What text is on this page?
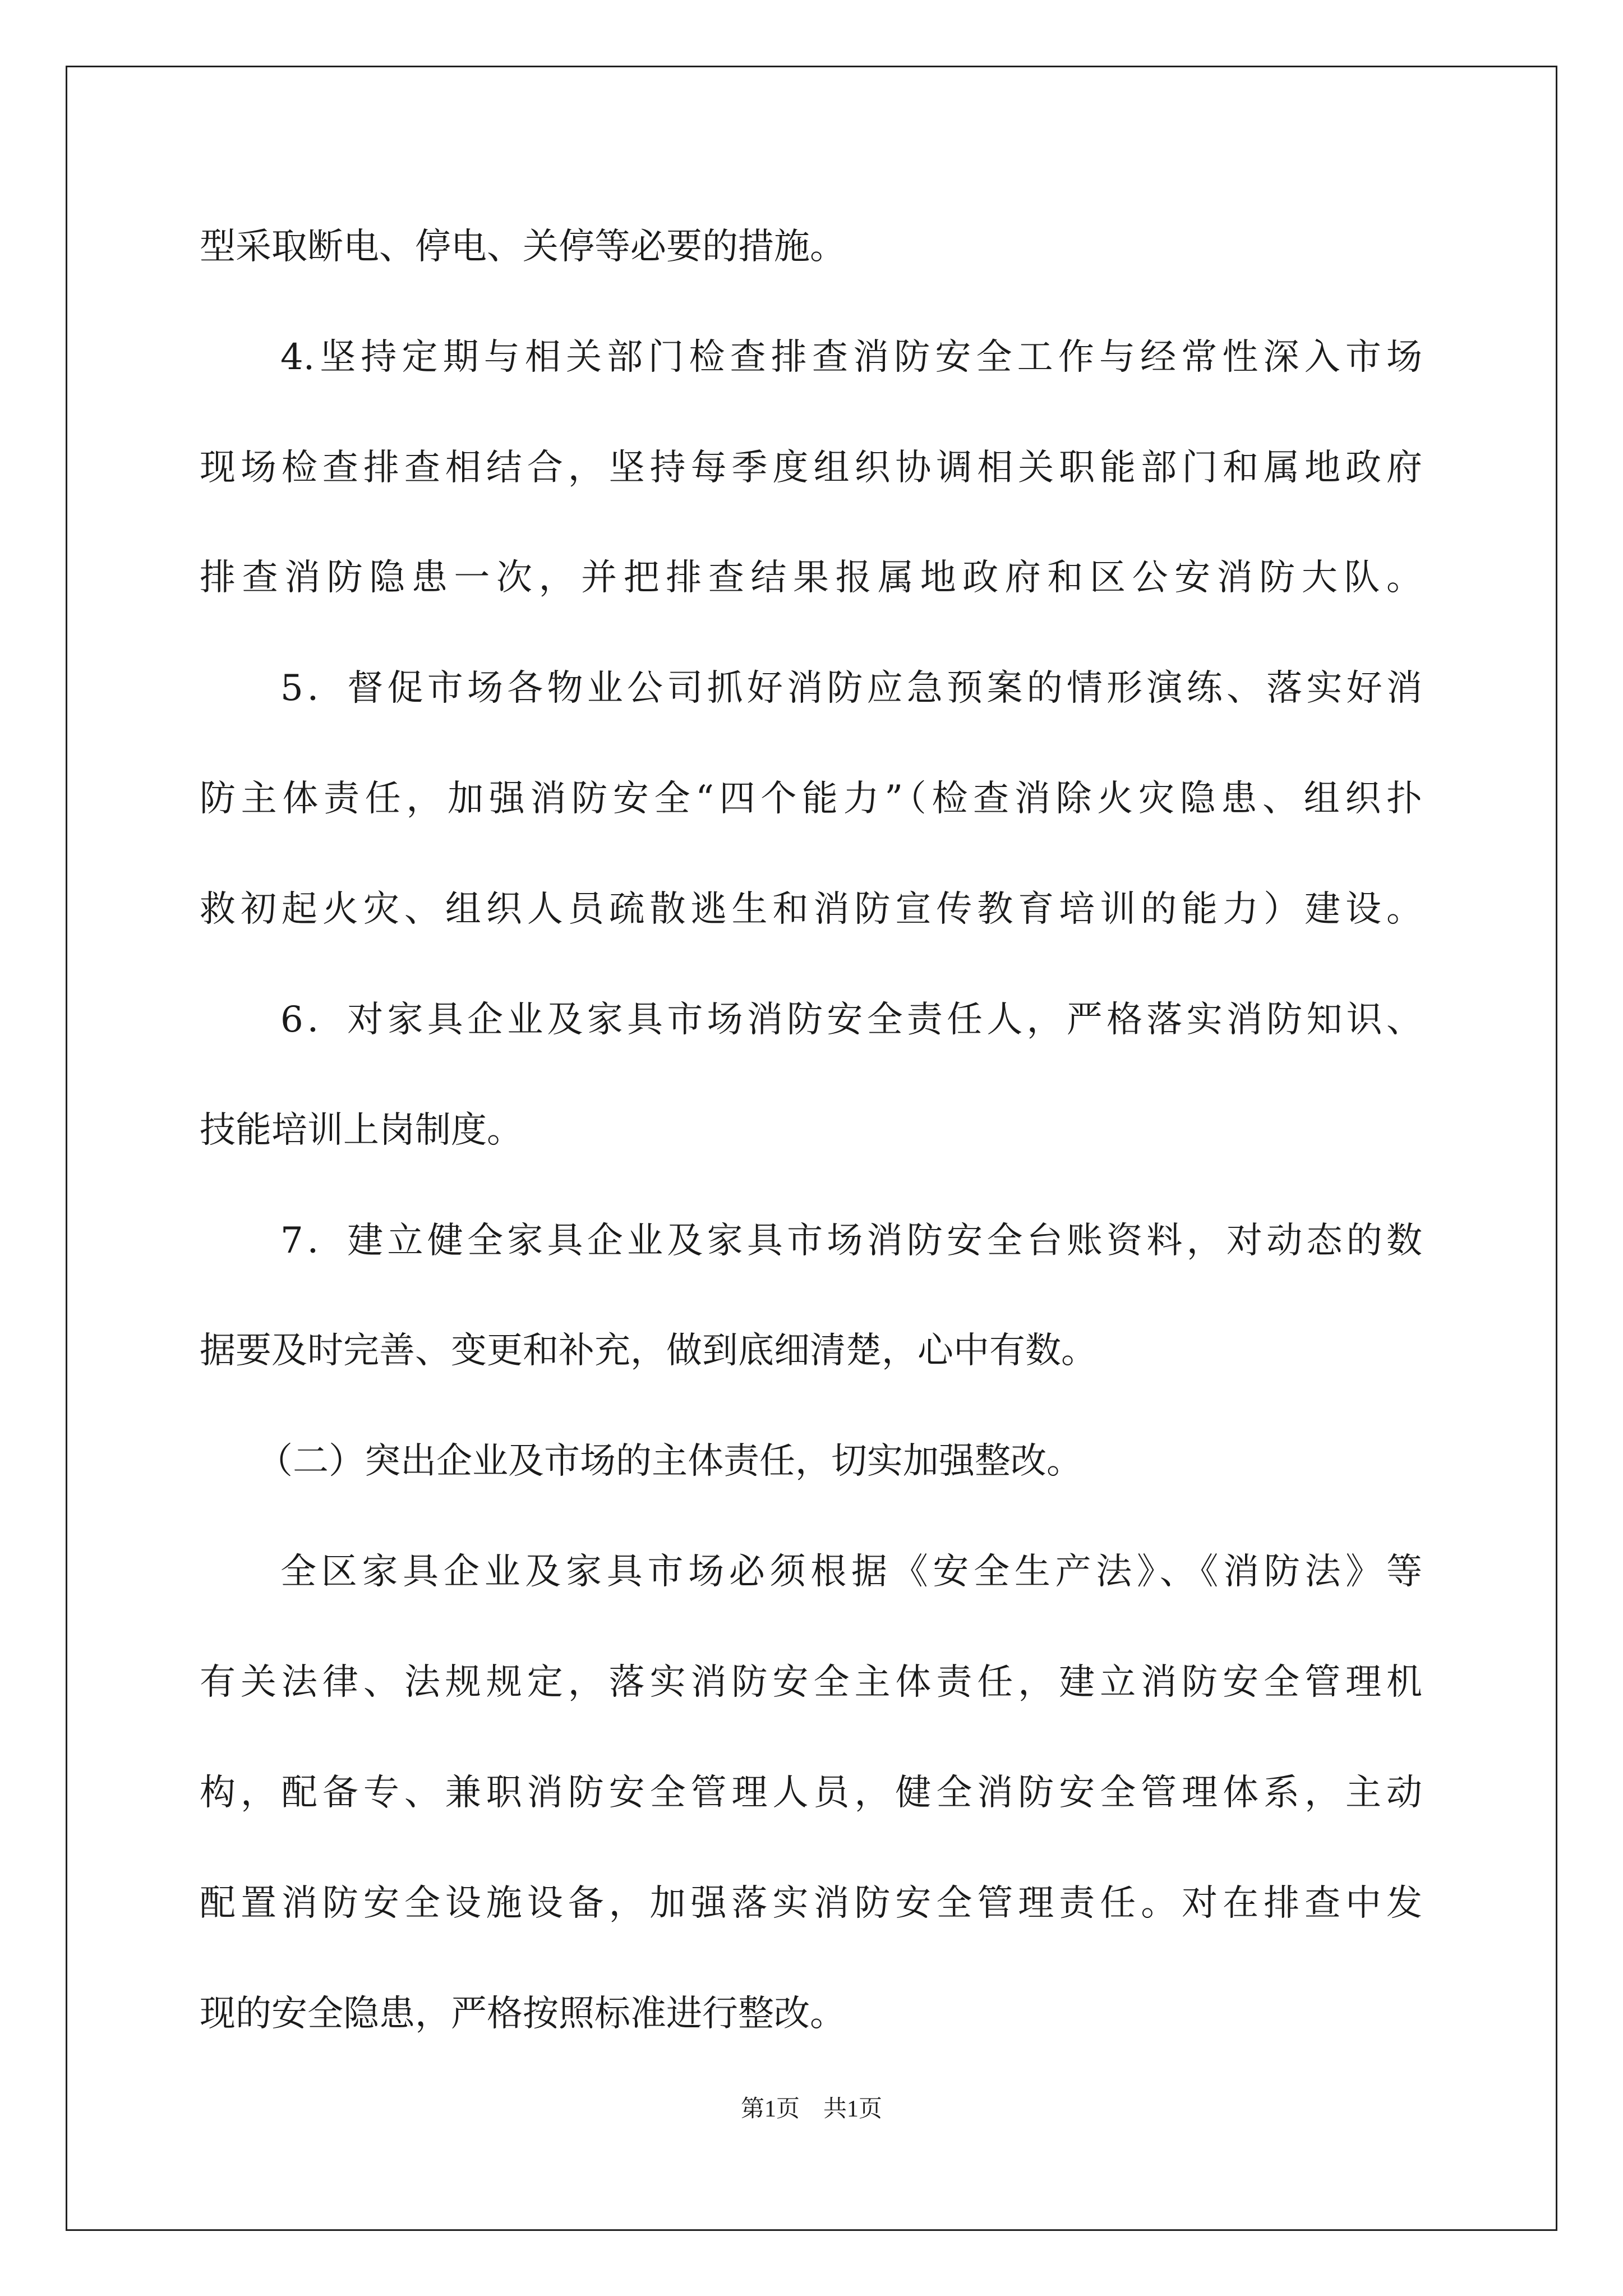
型采取断电、停电、关停等必要的措施。
4.坚持定期与相关部门检查排查消防安全工作与经常性深入市场
现场检查排查相结合，坚持每季度组织协调相关职能部门和属地政府
排查消防隐患一次，并把排查结果报属地政府和区公安消防大队。
5．督促市场各物业公司抓好消防应急预案的情形演练、落实好消
防主体责任，加强消防安全“四个能力”（检查消除火灾隐患、组织扑
救初起火灾、组织人员疏散逃生和消防宣传教育培训的能力）建设。
6．对家具企业及家具市场消防安全责任人，严格落实消防知识、
技能培训上岗制度。
7．建立健全家具企业及家具市场消防安全台账资料，对动态的数
据要及时完善、变更和补充，做到底细清楚，心中有数。
（二）突出企业及市场的主体责任，切实加强整改。
全区家具企业及家具市场必须根据《安全生产法》、《消防法》等
有关法律、法规规定，落实消防安全主体责任，建立消防安全管理机
构，配备专、兼职消防安全管理人员，健全消防安全管理体系，主动
配置消防安全设施设备，加强落实消防安全管理责任。对在排查中发
现的安全隐患，严格按照标准进行整改。
第1页　共1页
